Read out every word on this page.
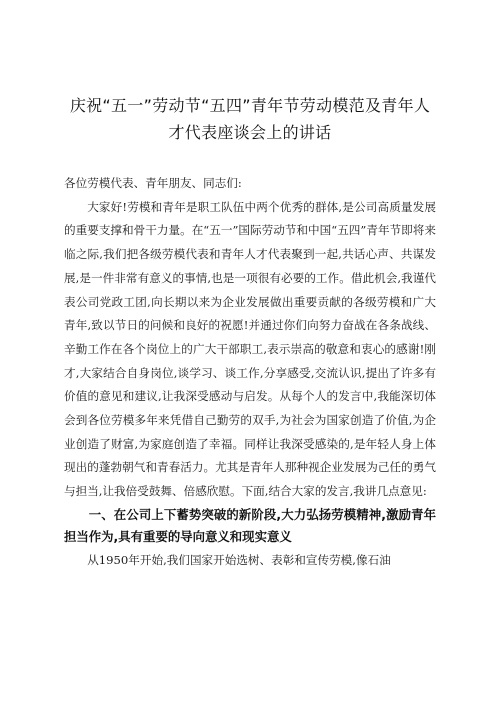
庆祝“五一”劳动节“五四”青年节劳动模范及青年人
才代表座谈会上的讲话

各位劳模代表、青年朋友、同志们:

大家好!劳模和青年是职工队伍中两个优秀的群体,是公司高质量发展的重要支撑和骨干力量。在“五一”国际劳动节和中国“五四”青年节即将来临之际,我们把各级劳模代表和青年人才代表聚到一起,共话心声、共谋发展,是一件非常有意义的事情,也是一项很有必要的工作。借此机会,我谨代表公司党政工团,向长期以来为企业发展做出重要贡献的各级劳模和广大青年,致以节日的问候和良好的祝愿!并通过你们向努力奋战在各条战线、辛勤工作在各个岗位上的广大干部职工,表示崇高的敬意和衷心的感谢!刚才,大家结合自身岗位,谈学习、谈工作,分享感受,交流认识,提出了许多有价值的意见和建议,让我深受感动与启发。从每个人的发言中,我能深切体会到各位劳模多年来凭借自己勤劳的双手,为社会为国家创造了价值,为企业创造了财富,为家庭创造了幸福。同样让我深受感染的,是年轻人身上体现出的蓬勃朝气和青春活力。尤其是青年人那种视企业发展为己任的勇气与担当,让我倍受鼓舞、倍感欣慰。下面,结合大家的发言,我讲几点意见:

一、在公司上下蓄势突破的新阶段,大力弘扬劳模精神,激励青年担当作为,具有重要的导向意义和现实意义

从1950年开始,我们国家开始选树、表彰和宣传劳模,像石油
